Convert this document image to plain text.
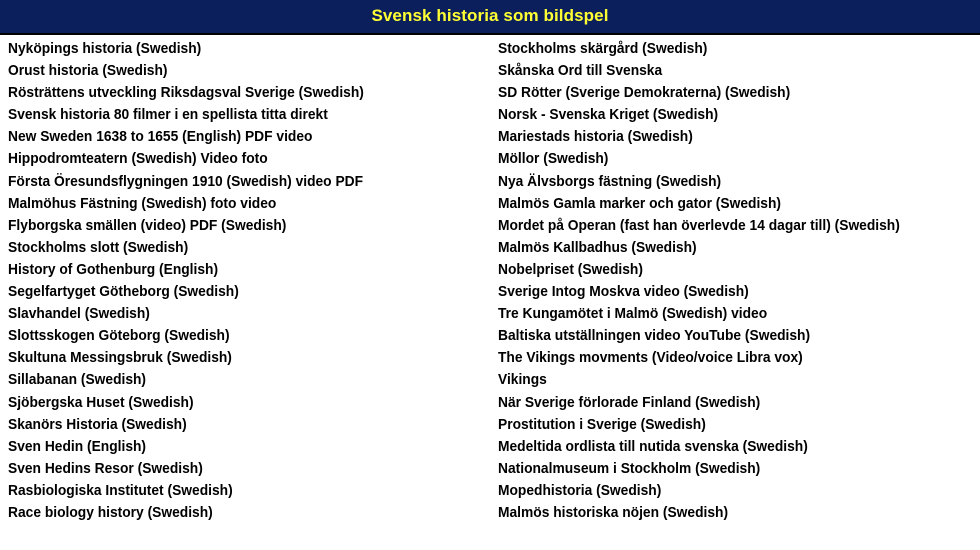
Svensk historia som bildspel
Nyköpings historia (Swedish)
Orust historia (Swedish)
Rösträttens utveckling Riksdagsval Sverige (Swedish)
Svensk historia 80 filmer i en spellista titta direkt
New Sweden 1638 to 1655 (English) PDF video
Hippodromteatern (Swedish) Video foto
Första Öresundsflygningen 1910 (Swedish) video PDF
Malmöhus Fästning (Swedish) foto video
Flyborgska smällen (video) PDF (Swedish)
Stockholms slott (Swedish)
History of Gothenburg (English)
Segelfartyget Götheborg (Swedish)
Slavhandel (Swedish)
Slottsskogen Göteborg (Swedish)
Skultuna Messingsbruk (Swedish)
Sillabanan (Swedish)
Sjöbergska Huset (Swedish)
Skanörs Historia (Swedish)
Sven Hedin (English)
Sven Hedins Resor (Swedish)
Rasbiologiska Institutet (Swedish)
Race biology history (Swedish)
Stockholms skärgård (Swedish)
Skånska Ord till Svenska
SD Rötter (Sverige Demokraterna) (Swedish)
Norsk - Svenska Kriget (Swedish)
Mariestads historia (Swedish)
Möllor (Swedish)
Nya Älvsborgs fästning (Swedish)
Malmös Gamla marker och gator (Swedish)
Mordet på Operan (fast han överlevde 14 dagar till) (Swedish)
Malmös Kallbadhus (Swedish)
Nobelpriset (Swedish)
Sverige Intog Moskva video (Swedish)
Tre Kungamötet i Malmö (Swedish) video
Baltiska utställningen video YouTube (Swedish)
The Vikings movments (Video/voice Libra vox)
Vikings
När Sverige förlorade Finland (Swedish)
Prostitution i Sverige (Swedish)
Medeltida ordlista till nutida svenska (Swedish)
Nationalmuseum i Stockholm (Swedish)
Mopedhistoria (Swedish)
Malmös historiska nöjen (Swedish)
